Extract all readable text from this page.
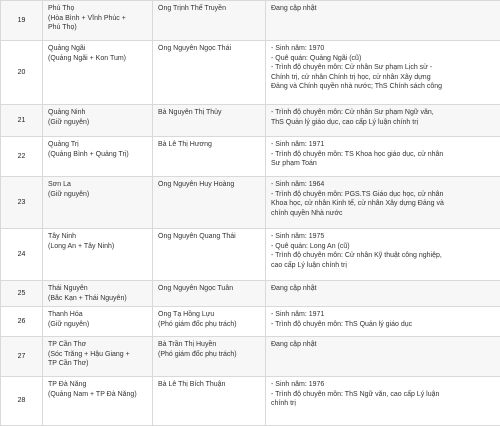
19	Phú Thọ
(Hòa Bình + Vĩnh Phúc +
Phú Thọ)	Ông Trịnh Thế Truyền	Đang cập nhật

20	Quảng Ngãi
(Quảng Ngãi + Kon Tum)	Ông Nguyễn Ngọc Thái	- Sinh năm: 1970
- Quê quán: Quảng Ngãi (cũ)
- Trình độ chuyên môn: Cử nhân Sư phạm Lịch sử -
Chính trị, cử nhân Chính trị học, cử nhân Xây dựng
Đảng và Chính quyền nhà nước; ThS Chính sách công

21	Quảng Ninh
(Giữ nguyên)	Bà Nguyễn Thị Thủy	- Trình độ chuyên môn: Cử nhân Sư phạm Ngữ văn,
ThS Quản lý giáo dục, cao cấp Lý luận chính trị

22	Quảng Trị
(Quảng Bình + Quảng Trị)	Bà Lê Thị Hương	- Sinh năm: 1971
- Trình độ chuyên môn: TS Khoa học giáo dục, cử nhân
Sư phạm Toán

23	Sơn La
(Giữ nguyên)	Ông Nguyễn Huy Hoàng	- Sinh năm: 1964
- Trình độ chuyên môn: PGS.TS Giáo dục học, cử nhân
Khoa học, cử nhân Kinh tế, cử nhân Xây dựng Đảng và
chính quyền Nhà nước

24	Tây Ninh
(Long An + Tây Ninh)	Ông Nguyễn Quang Thái	- Sinh năm: 1975
- Quê quán: Long An (cũ)
- Trình độ chuyên môn: Cử nhân Kỹ thuật công nghiệp,
cao cấp Lý luận chính trị

25	Thái Nguyên
(Bắc Kạn + Thái Nguyên)	Ông Nguyễn Ngọc Tuân	Đang cập nhật

26	Thanh Hóa
(Giữ nguyên)	Ông Tạ Hồng Lựu
(Phó giám đốc phụ trách)	- Sinh năm: 1971
- Trình độ chuyên môn: ThS Quản lý giáo dục

27	TP Cần Thơ
(Sóc Trăng + Hậu Giang +
TP Cần Thơ)	Bà Trần Thị Huyền
(Phó giám đốc phụ trách)	Đang cập nhật

28	TP Đà Nẵng
(Quảng Nam + TP Đà Nẵng)	Bà Lê Thị Bích Thuận	- Sinh năm: 1976
- Trình độ chuyên môn: ThS Ngữ văn, cao cấp Lý luận
chính trị
